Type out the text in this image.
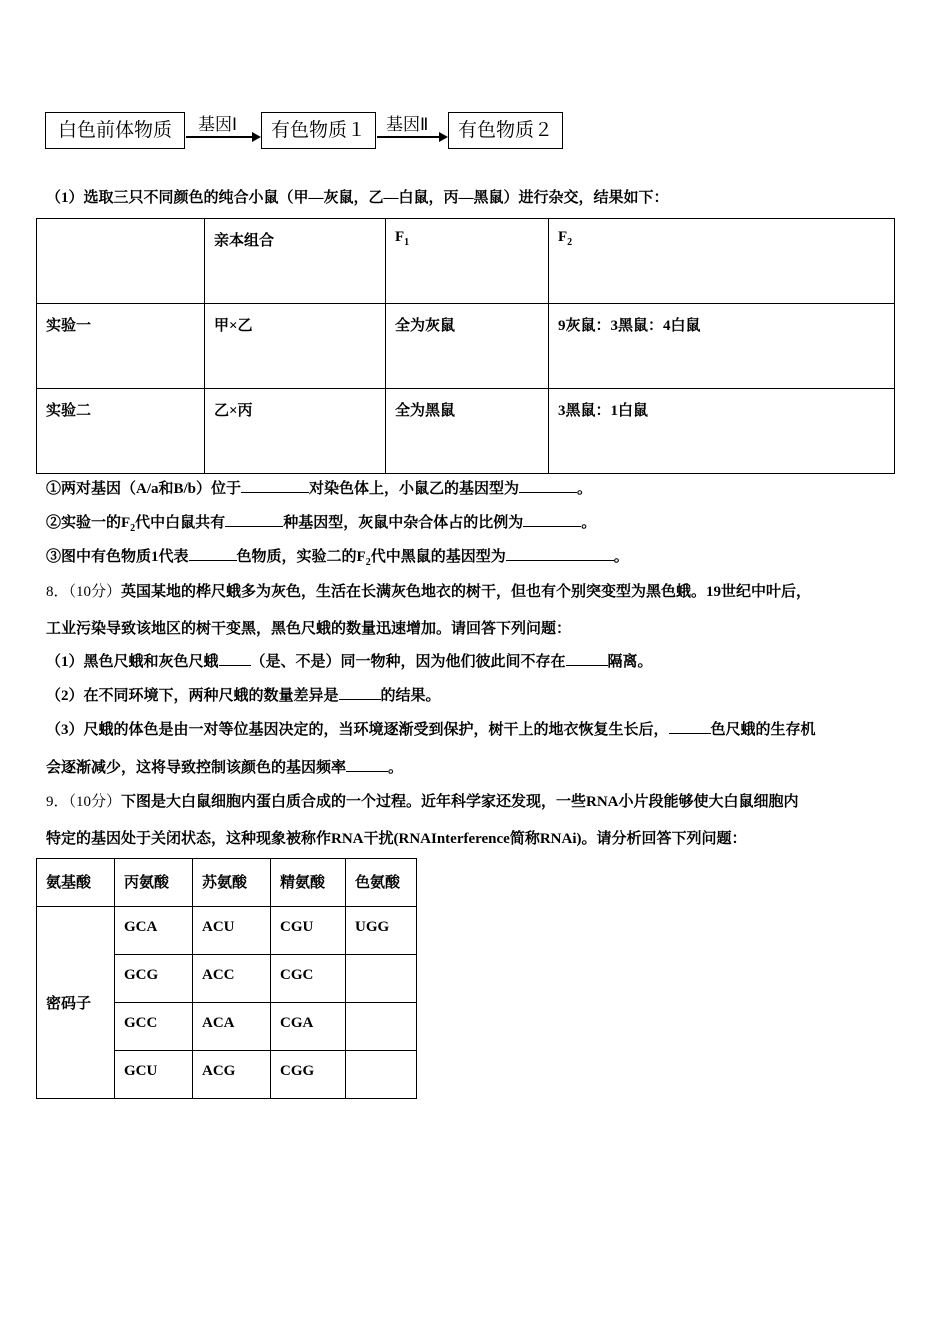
白色前体物质	基因Ⅰ	有色物质１	基因Ⅱ	有色物质２
（1）选取三只不同颜色的纯合小鼠（甲—灰鼠，乙—白鼠，丙—黑鼠）进行杂交，结果如下：
	亲本组合	$F_1$	$F_2$
实验一	甲×乙	全为灰鼠	9灰鼠：3黑鼠：4白鼠
实验二	乙×丙	全为黑鼠	3黑鼠：1白鼠
①两对基因（A/a和B/b）位于	对染色体上，小鼠乙的基因型为	。
②实验一的$F_2$代中白鼠共有	种基因型，灰鼠中杂合体占的比例为	。
③图中有色物质1代表	色物质，实验二的$F_2$代中黑鼠的基因型为	。
8．（10分）英国某地的桦尺蛾多为灰色，生活在长满灰色地衣的树干，但也有个别突变型为黑色蛾。19世纪中叶后，
工业污染导致该地区的树干变黑，黑色尺蛾的数量迅速增加。请回答下列问题：
（1）黑色尺蛾和灰色尺蛾 （是、不是）同一物种，因为他们彼此间不存在	隔离。
（2）在不同环境下，两种尺蛾的数量差异是	的结果。
（3）尺蛾的体色是由一对等位基因决定的，当环境逐渐受到保护，树干上的地衣恢复生长后，	色尺蛾的生存机
会逐渐减少，这将导致控制该颜色的基因频率	。
9．（10分）下图是大白鼠细胞内蛋白质合成的一个过程。近年科学家还发现，一些RNA小片段能够使大白鼠细胞内
特定的基因处于关闭状态，这种现象被称作RNA干扰(RNAInterference简称RNAi)。请分析回答下列问题：
氨基酸	丙氨酸	苏氨酸	精氨酸	色氨酸
密码子	GCA	ACU	CGU	UGG
	GCG	ACC	CGC	
	GCC	ACA	CGA	
	GCU	ACG	CGG	
